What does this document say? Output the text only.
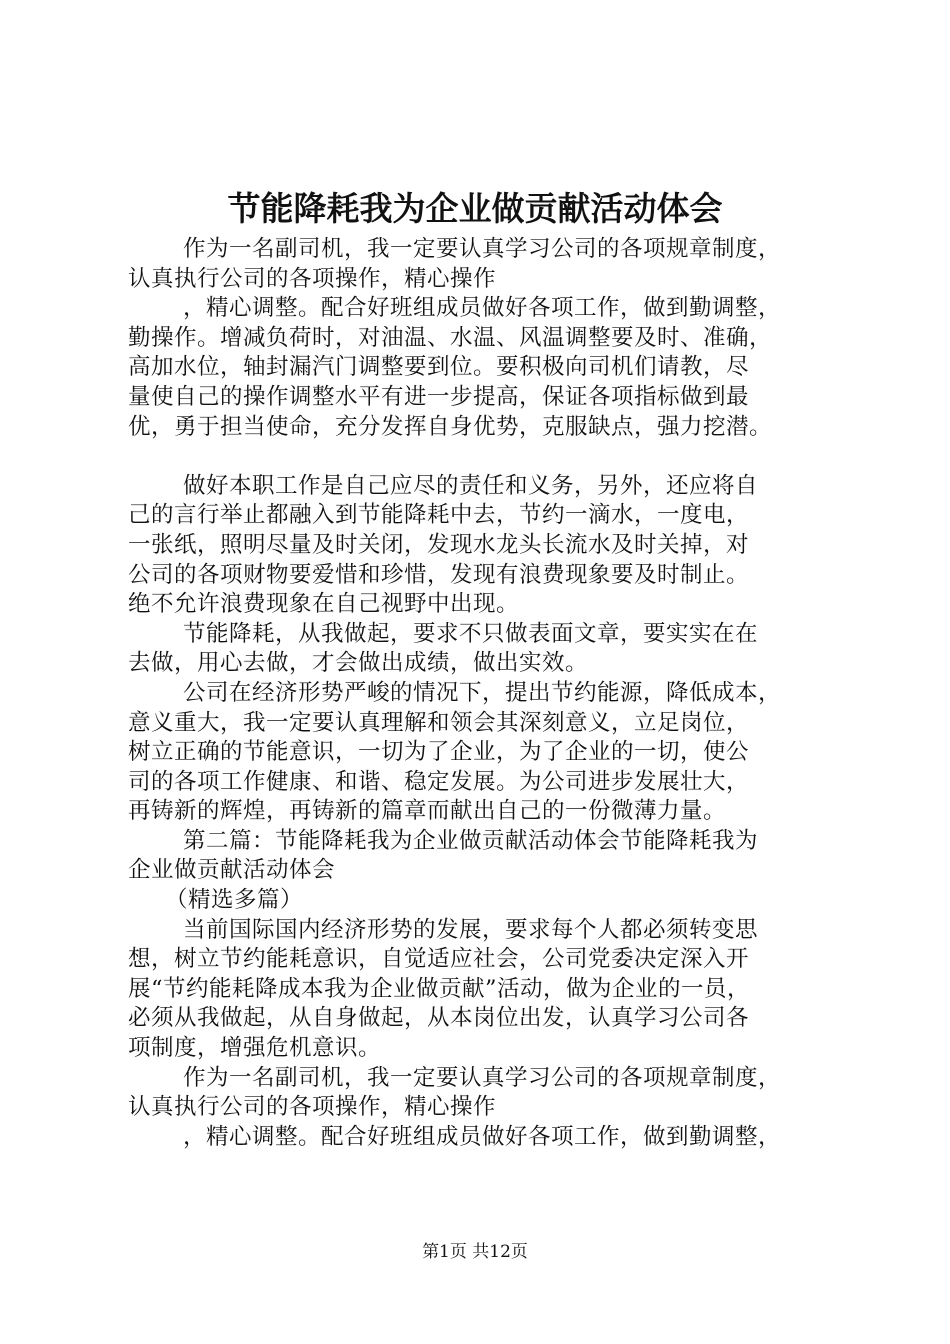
节能降耗我为企业做贡献活动体会
作为一名副司机，我一定要认真学习公司的各项规章制度，
认真执行公司的各项操作，精心操作
，精心调整。配合好班组成员做好各项工作，做到勤调整，
勤操作。增减负荷时，对油温、水温、风温调整要及时、准确，
高加水位，轴封漏汽门调整要到位。要积极向司机们请教，尽
量使自己的操作调整水平有进一步提高，保证各项指标做到最
优，勇于担当使命，充分发挥自身优势，克服缺点，强力挖潜。
做好本职工作是自己应尽的责任和义务，另外，还应将自
己的言行举止都融入到节能降耗中去，节约一滴水，一度电，
一张纸，照明尽量及时关闭，发现水龙头长流水及时关掉，对
公司的各项财物要爱惜和珍惜，发现有浪费现象要及时制止。
绝不允许浪费现象在自己视野中出现。
节能降耗，从我做起，要求不只做表面文章，要实实在在
去做，用心去做，才会做出成绩，做出实效。
公司在经济形势严峻的情况下，提出节约能源，降低成本，
意义重大，我一定要认真理解和领会其深刻意义，立足岗位，
树立正确的节能意识，一切为了企业，为了企业的一切，使公
司的各项工作健康、和谐、稳定发展。为公司进步发展壮大，
再铸新的辉煌，再铸新的篇章而献出自己的一份微薄力量。
第二篇：节能降耗我为企业做贡献活动体会节能降耗我为
企业做贡献活动体会
（精选多篇）
当前国际国内经济形势的发展，要求每个人都必须转变思
想，树立节约能耗意识，自觉适应社会，公司党委决定深入开
展“节约能耗降成本我为企业做贡献”活动，做为企业的一员，
必须从我做起，从自身做起，从本岗位出发，认真学习公司各
项制度，增强危机意识。
作为一名副司机，我一定要认真学习公司的各项规章制度，
认真执行公司的各项操作，精心操作
，精心调整。配合好班组成员做好各项工作，做到勤调整，
第1页 共12页
